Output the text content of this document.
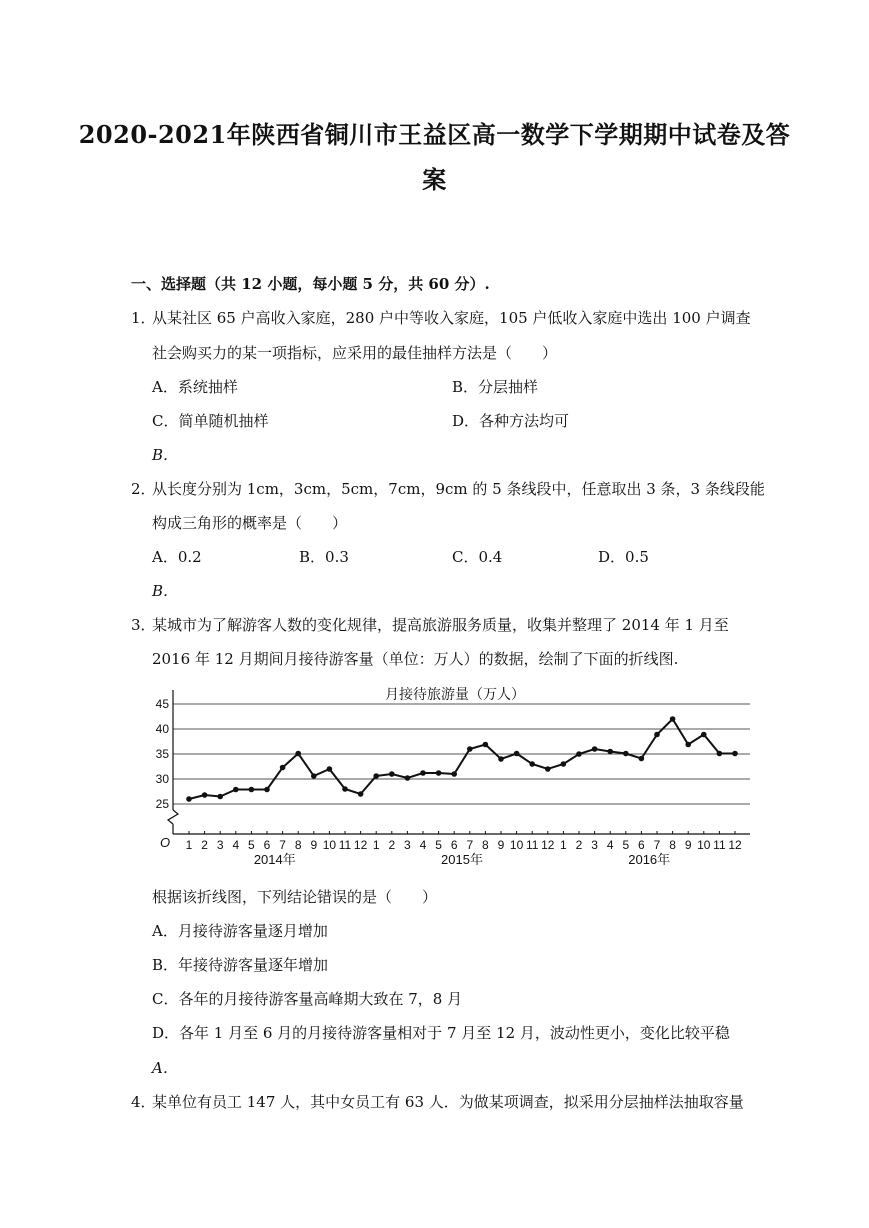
2020-2021年陕西省铜川市王益区高一数学下学期期中试卷及答
案
一、选择题（共 12 小题，每小题 5 分，共 60 分）.
1．
从某社区 65 户高收入家庭，280 户中等收入家庭，105 户低收入家庭中选出 100 户调查
社会购买力的某一项指标，应采用的最佳抽样方法是（　　）
A．系统抽样	B．分层抽样
C．简单随机抽样	D．各种方法均可
B．
2．
从长度分别为 1cm，3cm，5cm，7cm，9cm 的 5 条线段中，任意取出 3 条，3 条线段能
构成三角形的概率是（　　）
A．0.2	B．0.3	C．0.4	D．0.5
B．
3．
某城市为了解游客人数的变化规律，提高旅游服务质量，收集并整理了 2014 年 1 月至
2016 年 12 月期间月接待游客量（单位：万人）的数据，绘制了下面的折线图.
月接待旅游量（万人）
25
30
35
40
45
1 2 3 4 5 6 7 8 9 10 11 12 1 2 3 4 5 6 7 8 9 10 11 12 1 2 3 4 5 6 7 8 9 10 11 12
2014年	2015年	2016年
O
根据该折线图，下列结论错误的是（　　）
A．月接待游客量逐月增加
B．年接待游客量逐年增加
C．各年的月接待游客量高峰期大致在 7，8 月
D．各年 1 月至 6 月的月接待游客量相对于 7 月至 12 月，波动性更小，变化比较平稳
A．
4．
某单位有员工 147 人，其中女员工有 63 人．为做某项调查，拟采用分层抽样法抽取容量
